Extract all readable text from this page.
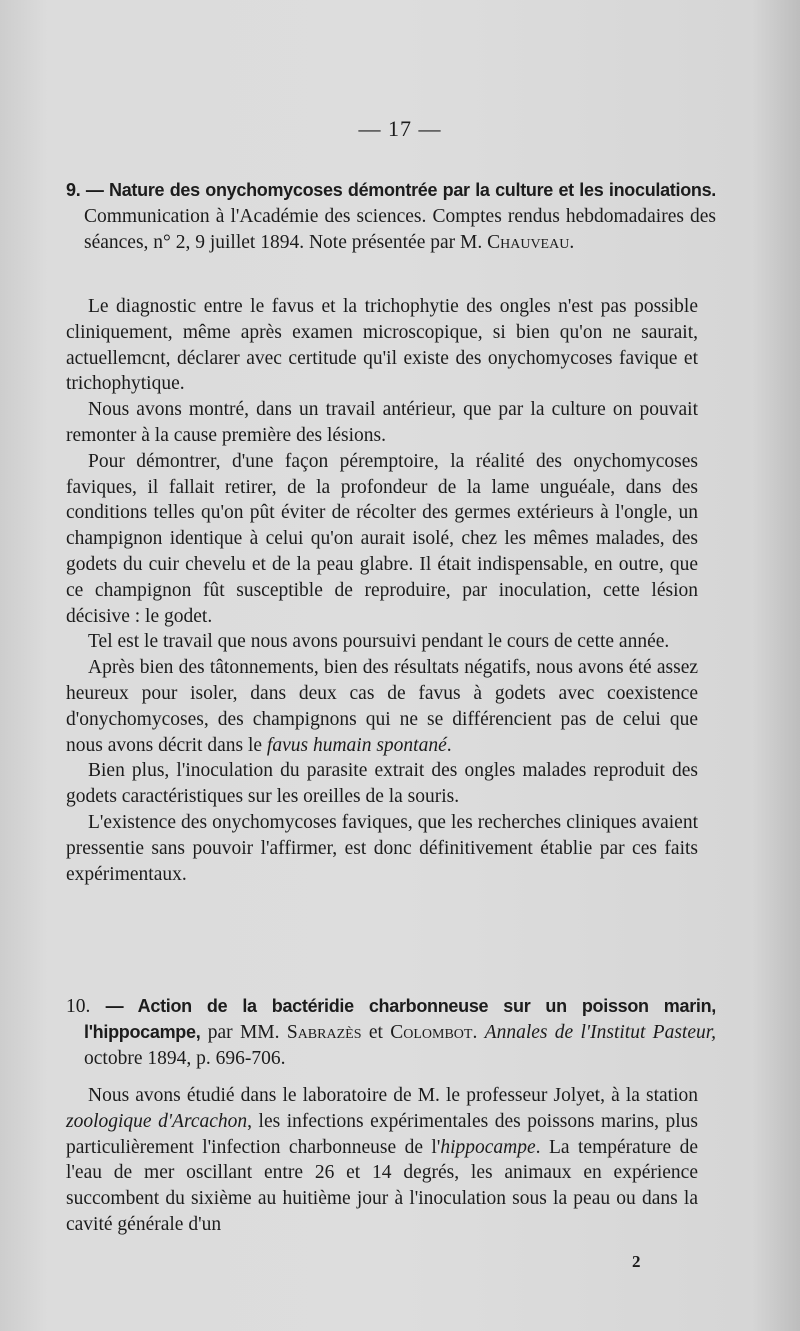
— 17 —
9. — Nature des onychomycoses démontrée par la culture et les inoculations. Communication à l'Académie des sciences. Comptes rendus hebdomadaires des séances, n° 2, 9 juillet 1894. Note présentée par M. Chauveau.

Le diagnostic entre le favus et la trichophytie des ongles n'est pas possible cliniquement, même après examen microscopique, si bien qu'on ne saurait, actuellemcnt, déclarer avec certitude qu'il existe des onychomycoses favique et trichophytique.

Nous avons montré, dans un travail antérieur, que par la culture on pouvait remonter à la cause première des lésions.

Pour démontrer, d'une façon péremptoire, la réalité des onychomycoses faviques, il fallait retirer, de la profondeur de la lame unguéale, dans des conditions telles qu'on pût éviter de récolter des germes extérieurs à l'ongle, un champignon identique à celui qu'on aurait isolé, chez les mêmes malades, des godets du cuir chevelu et de la peau glabre. Il était indispensable, en outre, que ce champignon fût susceptible de reproduire, par inoculation, cette lésion décisive : le godet.

Tel est le travail que nous avons poursuivi pendant le cours de cette année.

Après bien des tâtonnements, bien des résultats négatifs, nous avons été assez heureux pour isoler, dans deux cas de favus à godets avec coexistence d'onychomycoses, des champignons qui ne se différencient pas de celui que nous avons décrit dans le favus humain spontané.

Bien plus, l'inoculation du parasite extrait des ongles malades reproduit des godets caractéristiques sur les oreilles de la souris.

L'existence des onychomycoses faviques, que les recherches cliniques avaient pressentie sans pouvoir l'affirmer, est donc définitivement établie par ces faits expérimentaux.

10. — Action de la bactéridie charbonneuse sur un poisson marin, l'hippocampe, par MM. Sabrazès et Colombot. Annales de l'Institut Pasteur, octobre 1894, p. 696-706.

Nous avons étudié dans le laboratoire de M. le professeur Jolyet, à la station zoologique d'Arcachon, les infections expérimentales des poissons marins, plus particulièrement l'infection charbonneuse de l'hippocampe. La température de l'eau de mer oscillant entre 26 et 14 degrés, les animaux en expérience succombent du sixième au huitième jour à l'inoculation sous la peau ou dans la cavité générale d'un

2
